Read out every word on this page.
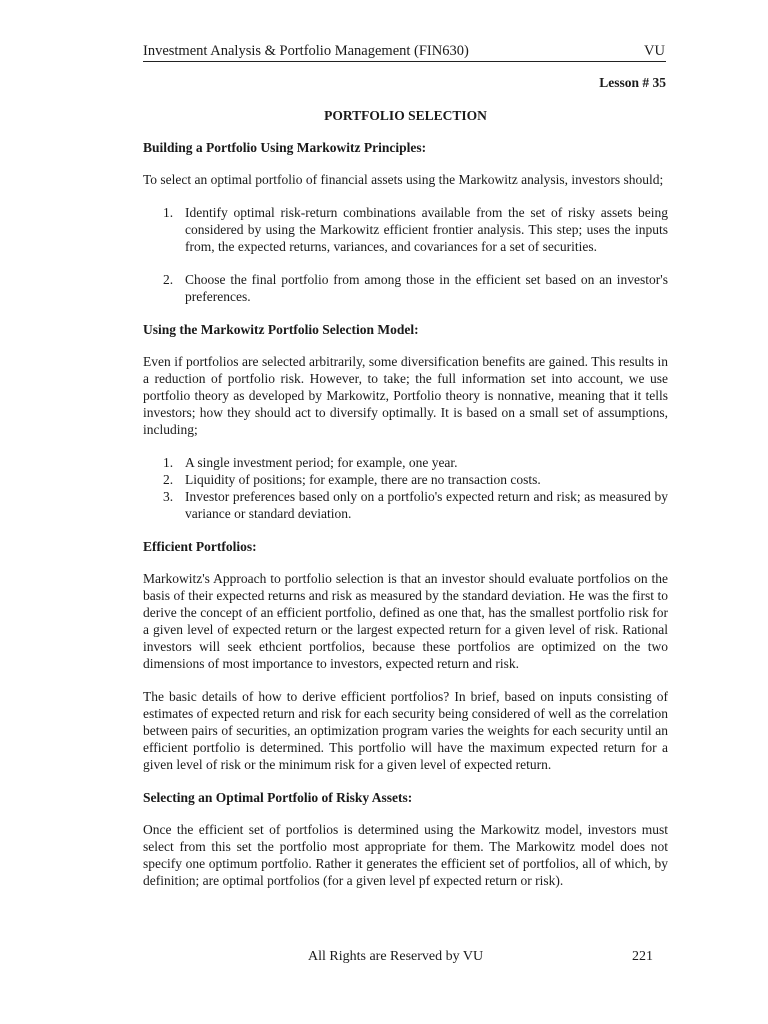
Investment Analysis & Portfolio Management (FIN630)	VU
Lesson # 35
PORTFOLIO SELECTION
Building a Portfolio Using Markowitz Principles:

To select an optimal portfolio of financial assets using the Markowitz analysis, investors should;

1. Identify optimal risk-return combinations available from the set of risky assets being considered by using the Markowitz efficient frontier analysis. This step; uses the inputs from, the expected returns, variances, and covariances for a set of securities.
2. Choose the final portfolio from among those in the efficient set based on an investor's preferences.
Using the Markowitz Portfolio Selection Model:

Even if portfolios are selected arbitrarily, some diversification benefits are gained. This results in a reduction of portfolio risk. However, to take; the full information set into account, we use portfolio theory as developed by Markowitz, Portfolio theory is nonnative, meaning that it tells investors; how they should act to diversify optimally. It is based on a small set of assumptions, including;

1. A single investment period; for example, one year.
2. Liquidity of positions; for example, there are no transaction costs.
3. Investor preferences based only on a portfolio's expected return and risk; as measured by variance or standard deviation.
Efficient Portfolios:

Markowitz's Approach to portfolio selection is that an investor should evaluate portfolios on the basis of their expected returns and risk as measured by the standard deviation. He was the first to derive the concept of an efficient portfolio, defined as one that, has the smallest portfolio risk for a given level of expected return or the largest expected return for a given level of risk. Rational investors will seek ethcient portfolios, because these portfolios are optimized on the two dimensions of most importance to investors, expected return and risk.

The basic details of how to derive efficient portfolios? In brief, based on inputs consisting of estimates of expected return and risk for each security being considered of well as the correlation between pairs of securities, an optimization program varies the weights for each security until an efficient portfolio is determined. This portfolio will have the maximum expected return for a given level of risk or the minimum risk for a given level of expected return.

Selecting an Optimal Portfolio of Risky Assets:

Once the efficient set of portfolios is determined using the Markowitz model, investors must select from this set the portfolio most appropriate for them. The Markowitz model does not specify one optimum portfolio. Rather it generates the efficient set of portfolios, all of which, by definition; are optimal portfolios (for a given level pf expected return or risk).

All Rights are Reserved by VU	221
